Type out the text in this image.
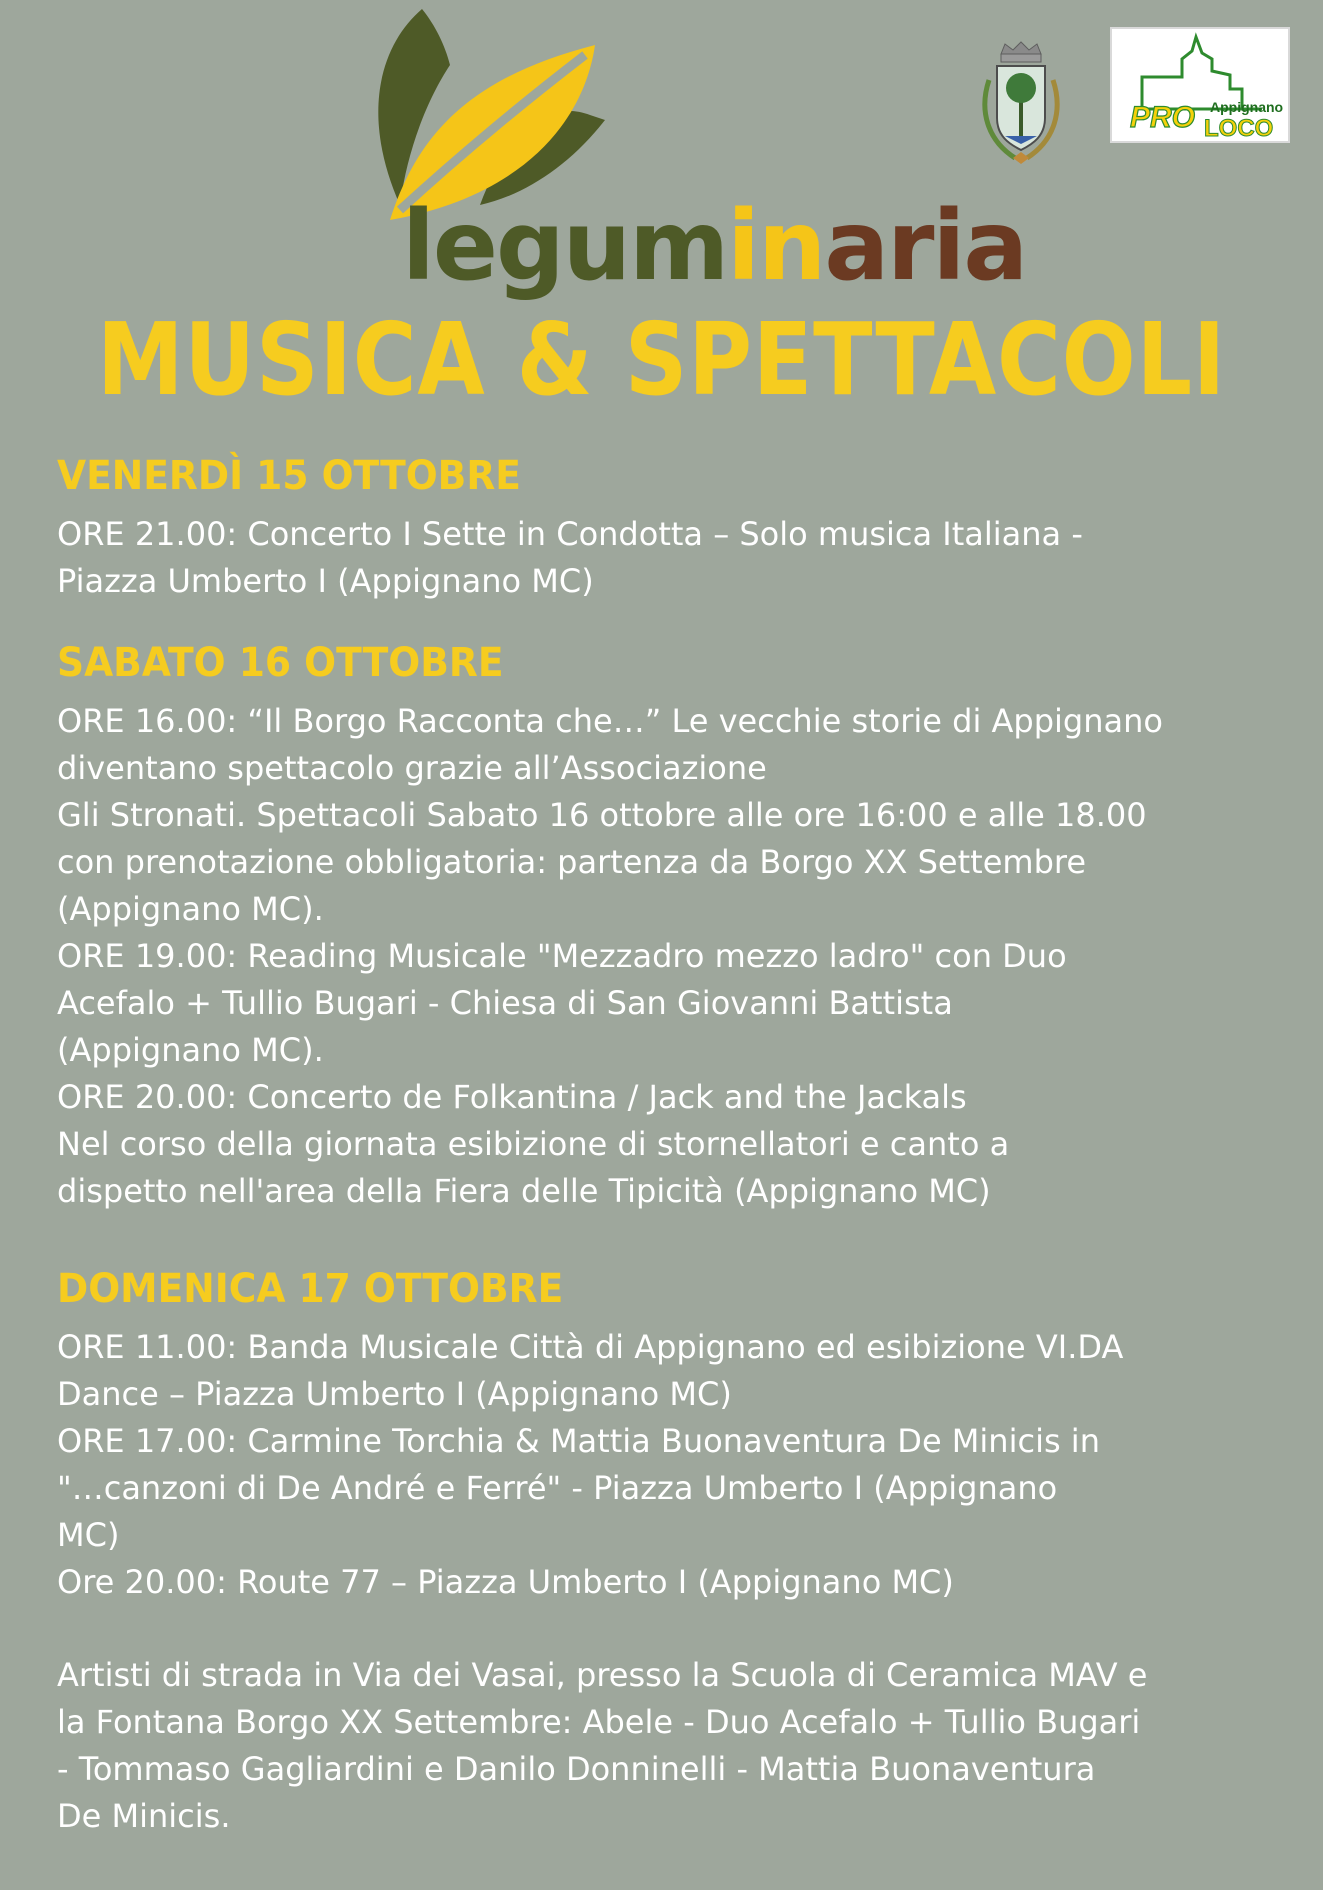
leguminaria
PRO Appignano
LOCO
MUSICA & SPETTACOLI
VENERDÌ 15 OTTOBRE
ORE 21.00: Concerto I Sette in Condotta – Solo musica Italiana -
Piazza Umberto I (Appignano MC)
SABATO 16 OTTOBRE
ORE 16.00: “Il Borgo Racconta che…” Le vecchie storie di Appignano
diventano spettacolo grazie all’Associazione
Gli Stronati. Spettacoli Sabato 16 ottobre alle ore 16:00 e alle 18.00
con prenotazione obbligatoria: partenza da Borgo XX Settembre
(Appignano MC).
ORE 19.00: Reading Musicale "Mezzadro mezzo ladro" con Duo
Acefalo + Tullio Bugari - Chiesa di San Giovanni Battista
(Appignano MC).
ORE 20.00: Concerto de Folkantina / Jack and the Jackals
Nel corso della giornata esibizione di stornellatori e canto a
dispetto nell'area della Fiera delle Tipicità (Appignano MC)
DOMENICA 17 OTTOBRE
ORE 11.00: Banda Musicale Città di Appignano ed esibizione VI.DA
Dance – Piazza Umberto I (Appignano MC)
ORE 17.00: Carmine Torchia & Mattia Buonaventura De Minicis in
"…canzoni di De André e Ferré" - Piazza Umberto I (Appignano
MC)
Ore 20.00: Route 77 – Piazza Umberto I (Appignano MC)
Artisti di strada in Via dei Vasai, presso la Scuola di Ceramica MAV e
la Fontana Borgo XX Settembre: Abele - Duo Acefalo + Tullio Bugari
- Tommaso Gagliardini e Danilo Donninelli - Mattia Buonaventura
De Minicis.
